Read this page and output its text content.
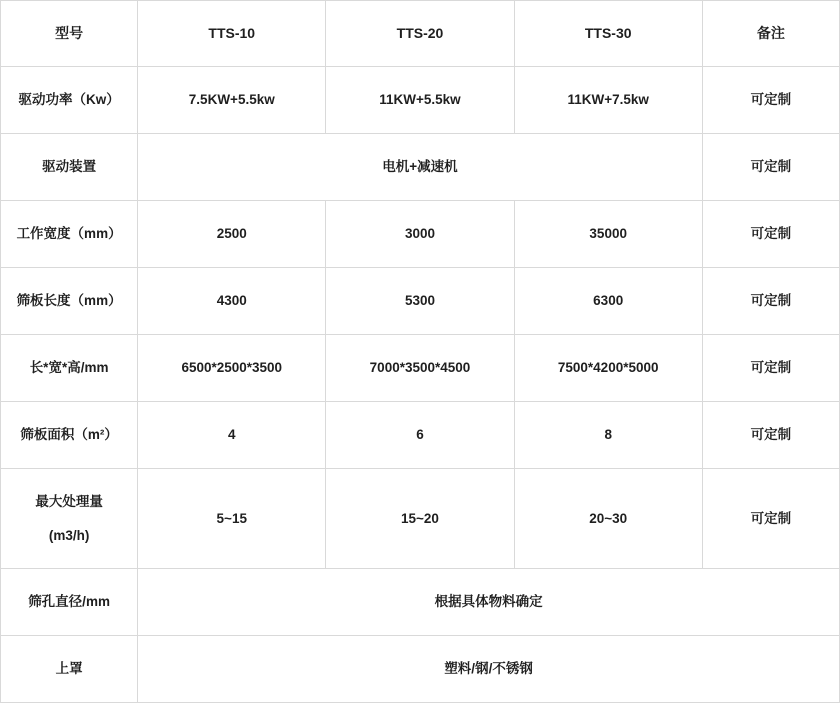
型号	TTS-10	TTS-20	TTS-30	备注
驱动功率（Kw）	7.5KW+5.5kw	11KW+5.5kw	11KW+7.5kw	可定制
驱动装置	电机+减速机			可定制
工作宽度（mm）	2500	3000	35000	可定制
筛板长度（mm）	4300	5300	6300	可定制
长*宽*高/mm	6500*2500*3500	7000*3500*4500	7500*4200*5000	可定制
筛板面积（m²）	4	6	8	可定制
最大处理量
(m3/h)	5~15	15~20	20~30	可定制
筛孔直径/mm	根据具体物料确定			
上罩	塑料/钢/不锈钢			
